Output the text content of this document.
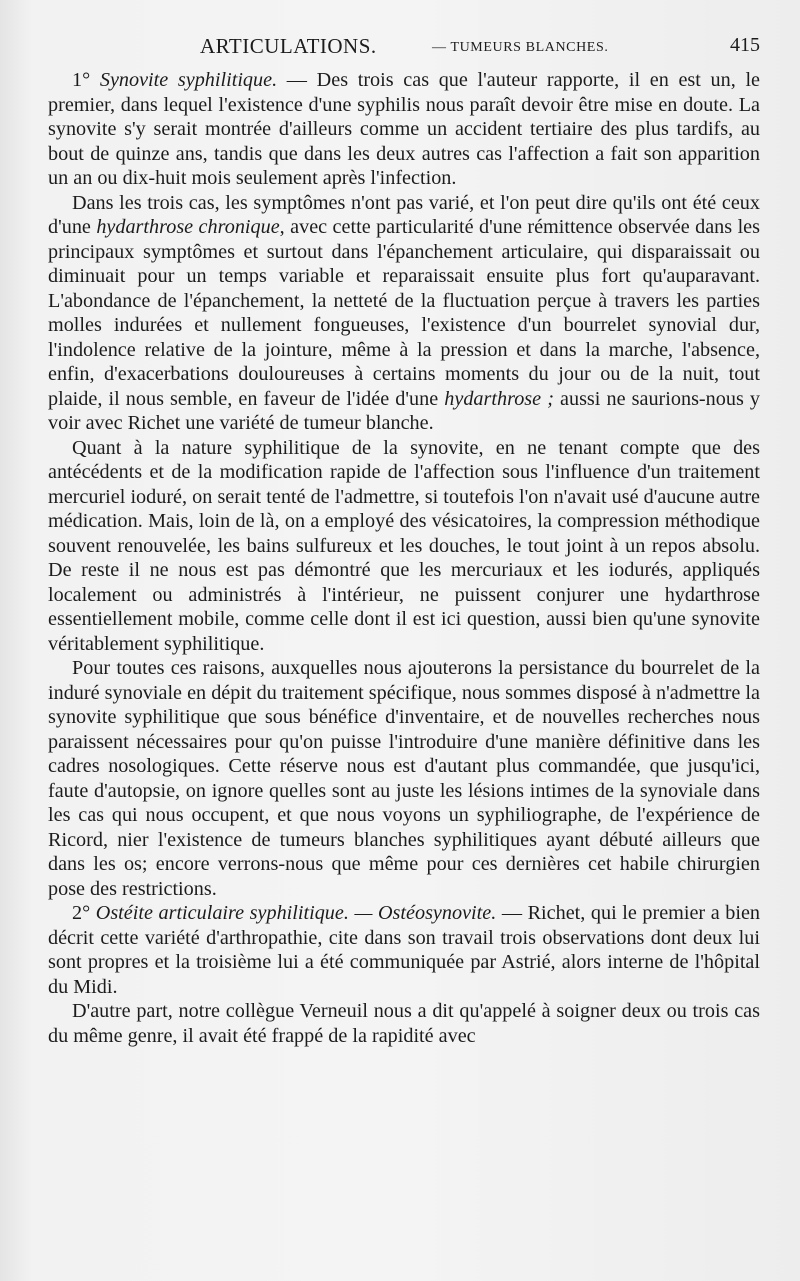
ARTICULATIONS.	— TUMEURS BLANCHES.	415

1° Synovite syphilitique. — Des trois cas que l'auteur rapporte, il en est un, le premier, dans lequel l'existence d'une syphilis nous paraît devoir être mise en doute. La synovite s'y serait montrée d'ailleurs comme un accident tertiaire des plus tardifs, au bout de quinze ans, tandis que dans les deux autres cas l'affection a fait son apparition un an ou dix-huit mois seulement après l'infection.

Dans les trois cas, les symptômes n'ont pas varié, et l'on peut dire qu'ils ont été ceux d'une hydarthrose chronique, avec cette particularité d'une rémittence observée dans les principaux symptômes et surtout dans l'épanchement articulaire, qui disparaissait ou diminuait pour un temps variable et reparaissait ensuite plus fort qu'auparavant. L'abondance de l'épanchement, la netteté de la fluctuation perçue à travers les parties molles indurées et nullement fongueuses, l'existence d'un bourrelet synovial dur, l'indolence relative de la jointure, même à la pression et dans la marche, l'absence, enfin, d'exacerbations douloureuses à certains moments du jour ou de la nuit, tout plaide, il nous semble, en faveur de l'idée d'une hydarthrose ; aussi ne saurions-nous y voir avec Richet une variété de tumeur blanche.

Quant à la nature syphilitique de la synovite, en ne tenant compte que des antécédents et de la modification rapide de l'affection sous l'influence d'un traitement mercuriel ioduré, on serait tenté de l'admettre, si toutefois l'on n'avait usé d'aucune autre médication. Mais, loin de là, on a employé des vésicatoires, la compression méthodique souvent renouvelée, les bains sulfureux et les douches, le tout joint à un repos absolu. De reste il ne nous est pas démontré que les mercuriaux et les iodurés, appliqués localement ou administrés à l'intérieur, ne puissent conjurer une hydarthrose essentiellement mobile, comme celle dont il est ici question, aussi bien qu'une synovite véritablement syphilitique.

Pour toutes ces raisons, auxquelles nous ajouterons la persistance du bourrelet de la induré synoviale en dépit du traitement spécifique, nous sommes disposé à n'admettre la synovite syphilitique que sous bénéfice d'inventaire, et de nouvelles recherches nous paraissent nécessaires pour qu'on puisse l'introduire d'une manière définitive dans les cadres nosologiques. Cette réserve nous est d'autant plus commandée, que jusqu'ici, faute d'autopsie, on ignore quelles sont au juste les lésions intimes de la synoviale dans les cas qui nous occupent, et que nous voyons un syphiliographe, de l'expérience de Ricord, nier l'existence de tumeurs blanches syphilitiques ayant débuté ailleurs que dans les os; encore verrons-nous que même pour ces dernières cet habile chirurgien pose des restrictions.

2° Ostéite articulaire syphilitique. — Ostéosynovite. — Richet, qui le premier a bien décrit cette variété d'arthropathie, cite dans son travail trois observations dont deux lui sont propres et la troisième lui a été communiquée par Astrié, alors interne de l'hôpital du Midi.

D'autre part, notre collègue Verneuil nous a dit qu'appelé à soigner deux ou trois cas du même genre, il avait été frappé de la rapidité avec
